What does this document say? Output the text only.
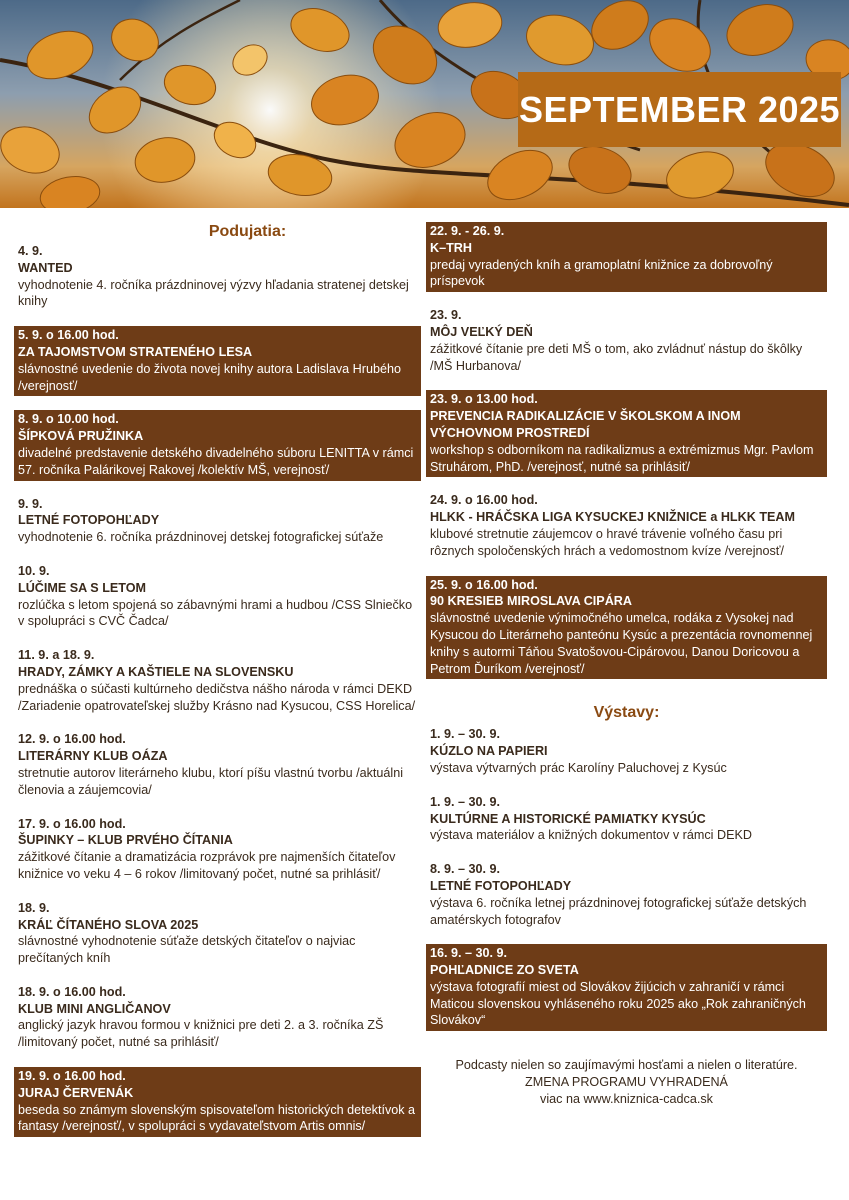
SEPTEMBER 2025
Podujatia:
4. 9.
WANTED
vyhodnotenie 4. ročníka prázdninovej výzvy hľadania stratenej detskej knihy
5. 9. o 16.00 hod.
ZA TAJOMSTVOM STRATENÉHO LESA
slávnostné uvedenie do života novej knihy autora Ladislava Hrubého /verejnosť/
8. 9. o 10.00 hod.
ŠÍPKOVÁ PRUŽINKA
divadelné predstavenie detského divadelného súboru LENITTA v rámci 57. ročníka Palárikovej Rakovej /kolektív MŠ, verejnosť/
9. 9.
LETNÉ FOTOPOHĽADY
vyhodnotenie 6. ročníka prázdninovej detskej fotografickej súťaže
10. 9.
LÚČIME SA S LETOM
rozlúčka s letom spojená so zábavnými hrami a hudbou /CSS Slniečko v spolupráci s CVČ Čadca/
11. 9. a 18. 9.
HRADY, ZÁMKY A KAŠTIELE NA SLOVENSKU
prednáška o súčasti kultúrneho dedičstva nášho národa v rámci DEKD /Zariadenie opatrovateľskej služby Krásno nad Kysucou, CSS Horelica/
12. 9. o 16.00 hod.
LITERÁRNY KLUB OÁZA
stretnutie autorov literárneho klubu, ktorí píšu vlastnú tvorbu /aktuálni členovia a záujemcovia/
17. 9. o 16.00 hod.
ŠUPINKY – KLUB PRVÉHO ČÍTANIA
zážitkové čítanie a dramatizácia rozprávok pre najmenších čitateľov knižnice vo veku 4 – 6 rokov /limitovaný počet, nutné sa prihlásiť/
18. 9.
KRÁĽ ČÍTANÉHO SLOVA 2025
slávnostné vyhodnotenie súťaže detských čitateľov o najviac prečítaných kníh
18. 9. o 16.00 hod.
KLUB MINI ANGLIČANOV
anglický jazyk hravou formou v knižnici pre deti 2. a 3. ročníka ZŠ /limitovaný počet, nutné sa prihlásiť/
19. 9. o 16.00 hod.
JURAJ ČERVENÁK
beseda so známym slovenským spisovateľom historických detektívok a fantasy /verejnosť/, v spolupráci s vydavateľstvom Artis omnis/
22. 9. - 26. 9.
K–TRH
predaj vyradených kníh a gramoplatní knižnice za dobrovoľný príspevok
23. 9.
MÔJ VEĽKÝ DEŇ
zážitkové čítanie pre deti MŠ o tom, ako zvládnuť nástup do škôlky /MŠ Hurbanova/
23. 9. o 13.00 hod.
PREVENCIA RADIKALIZÁCIE V ŠKOLSKOM A INOM VÝCHOVNOM PROSTREDÍ
workshop s odborníkom na radikalizmus a extrémizmus Mgr. Pavlom Struhárom, PhD. /verejnosť, nutné sa prihlásiť/
24. 9. o 16.00 hod.
HLKK - HRÁČSKA LIGA KYSUCKEJ KNIŽNICE a HLKK TEAM
klubové stretnutie záujemcov o hravé trávenie voľného času pri rôznych spoločenských hrách a vedomostnom kvíze /verejnosť/
25. 9. o 16.00 hod.
90 KRESIEB MIROSLAVA CIPÁRA
slávnostné uvedenie výnimočného umelca, rodáka z Vysokej nad Kysucou do Literárneho panteónu Kysúc a prezentácia rovnomennej knihy s autormi Táňou Svatošovou-Cipárovou, Danou Doricovou a Petrom Ďuríkom /verejnosť/
Výstavy:
1. 9. – 30. 9.
KÚZLO NA PAPIERI
výstava výtvarných prác Karolíny Paluchovej z Kysúc
1. 9. – 30. 9.
KULTÚRNE A HISTORICKÉ PAMIATKY KYSÚC
výstava materiálov a knižných dokumentov v rámci DEKD
8. 9. – 30. 9.
LETNÉ FOTOPOHĽADY
výstava 6. ročníka letnej prázdninovej fotografickej súťaže detských amatérskych fotografov
16. 9. – 30. 9.
POHĽADNICE ZO SVETA
výstava fotografií miest od Slovákov žijúcich v zahraničí v rámci Maticou slovenskou vyhláseného roku 2025 ako „Rok zahraničných Slovákov“
Podcasty nielen so zaujímavými hosťami a nielen o literatúre.
ZMENA PROGRAMU VYHRADENÁ
viac na www.kniznica-cadca.sk
